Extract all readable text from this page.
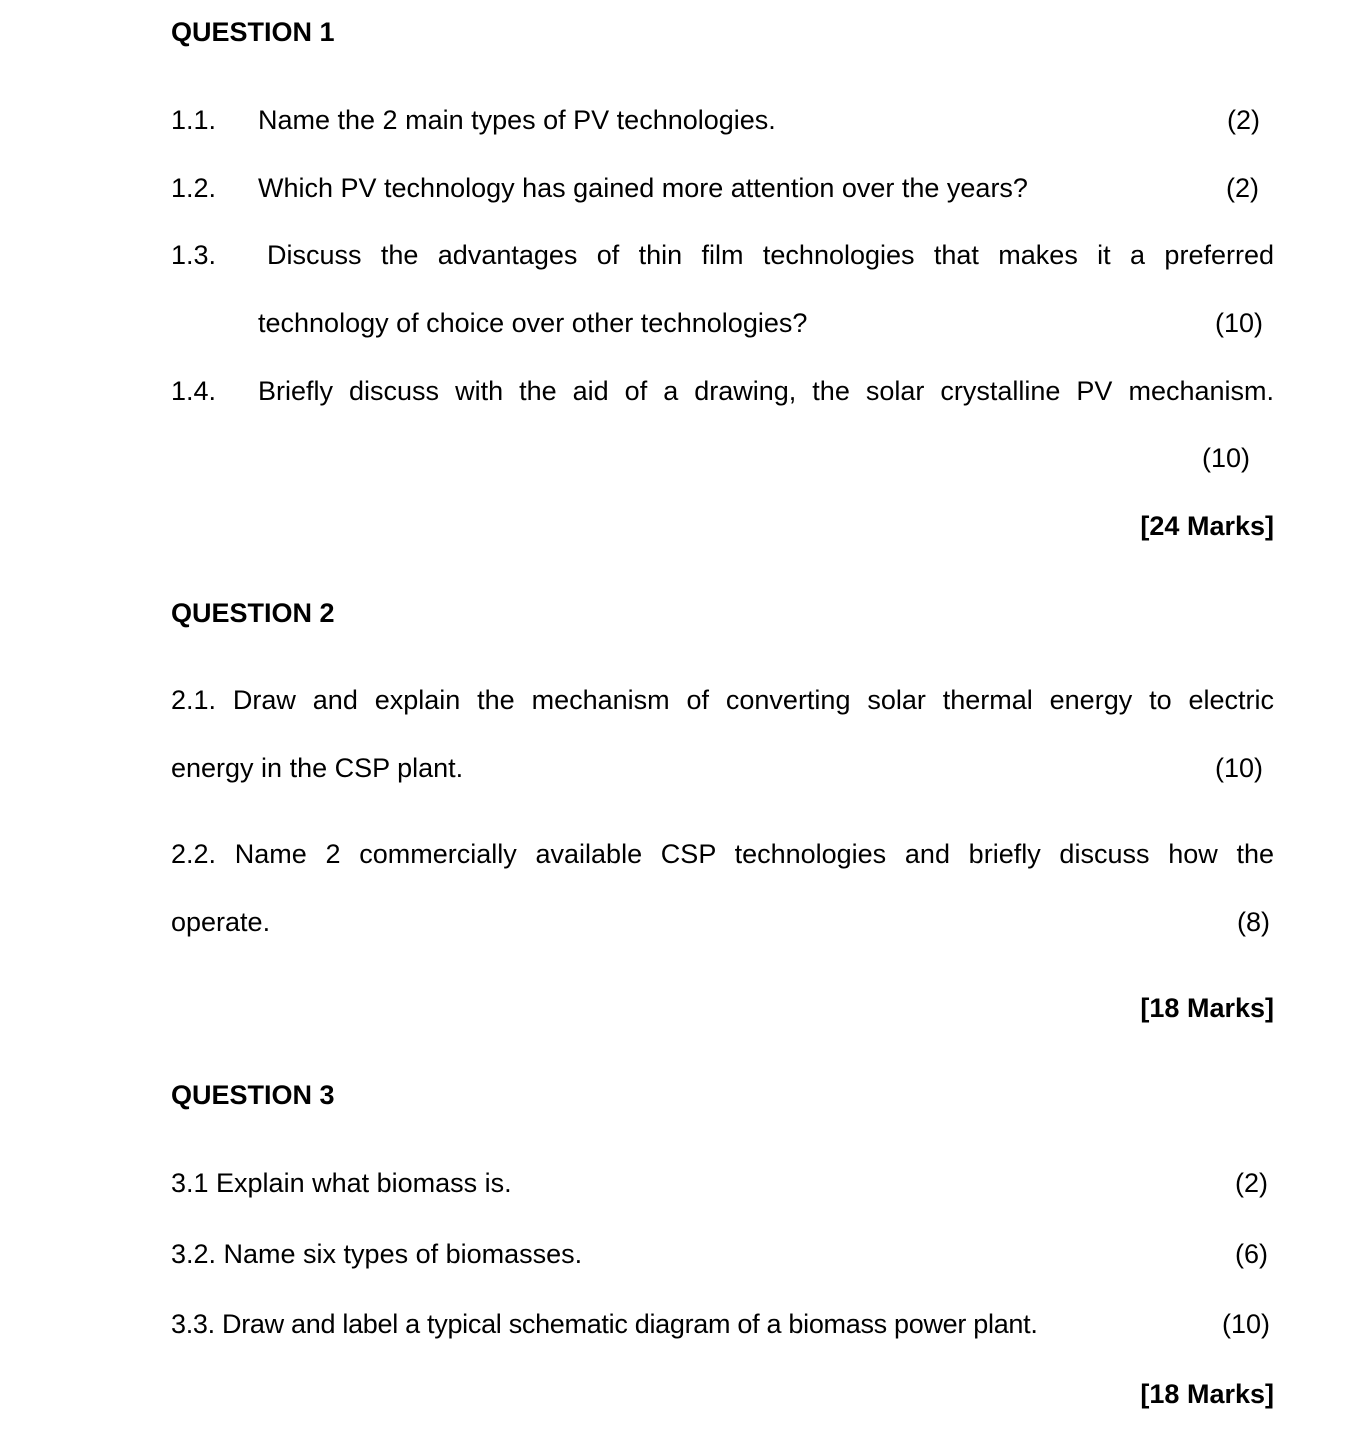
QUESTION 1
1.1. Name the 2 main types of PV technologies.	(2)
1.2. Which PV technology has gained more attention over the years?	(2)
1.3. Discuss the advantages of thin film technologies that makes it a preferred
technology of choice over other technologies?	(10)
1.4. Briefly discuss with the aid of a drawing, the solar crystalline PV mechanism.
(10)
[24 Marks]
QUESTION 2
2.1. Draw and explain the mechanism of converting solar thermal energy to electric
energy in the CSP plant.	(10)
2.2. Name 2 commercially available CSP technologies and briefly discuss how the
operate.	(8)
[18 Marks]
QUESTION 3
3.1 Explain what biomass is.	(2)
3.2. Name six types of biomasses.	(6)
3.3. Draw and label a typical schematic diagram of a biomass power plant.	(10)
[18 Marks]
